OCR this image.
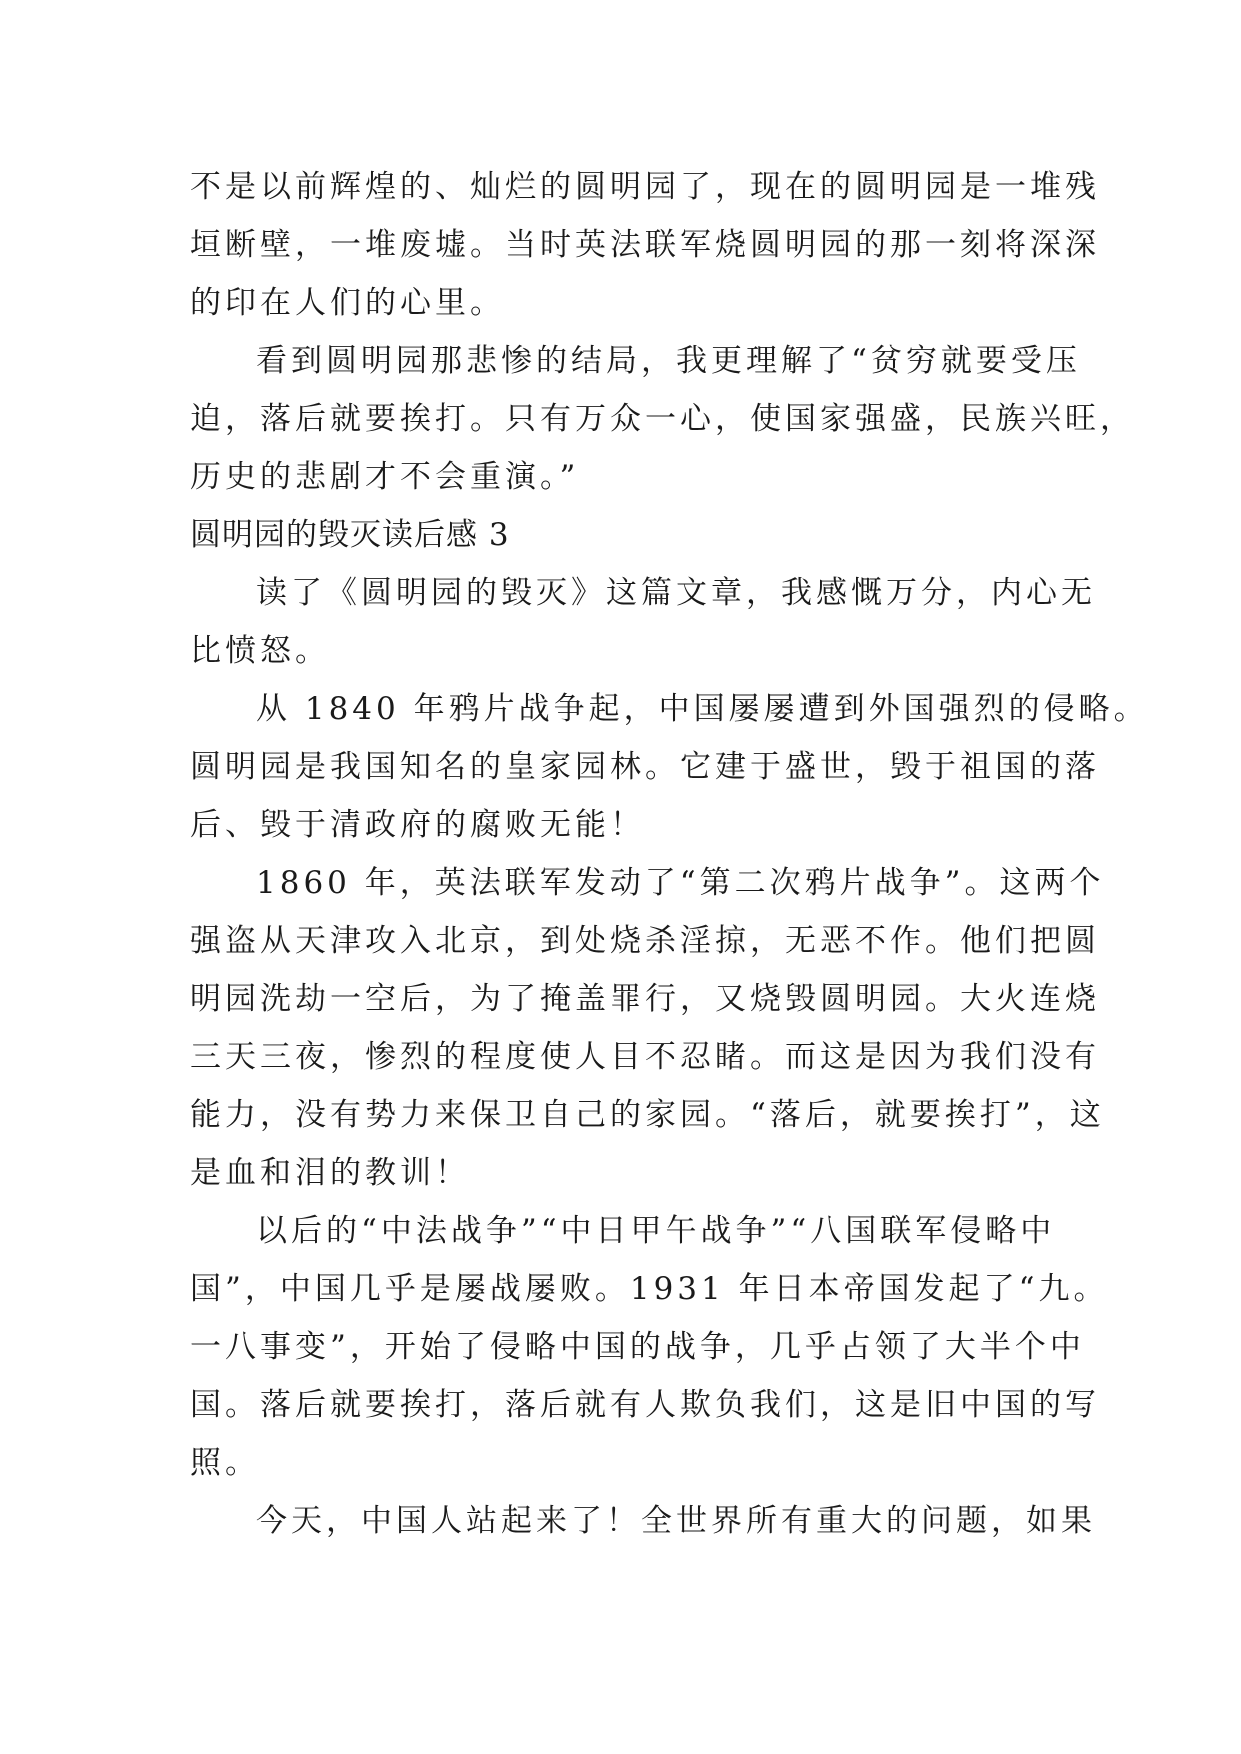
不是以前辉煌的、灿烂的圆明园了，现在的圆明园是一堆残
垣断壁，一堆废墟。当时英法联军烧圆明园的那一刻将深深
的印在人们的心里。
看到圆明园那悲惨的结局，我更理解了“贫穷就要受压
迫，落后就要挨打。只有万众一心，使国家强盛，民族兴旺，
历史的悲剧才不会重演。”
圆明园的毁灭读后感 3
读了《圆明园的毁灭》这篇文章，我感慨万分，内心无
比愤怒。
从 1840 年鸦片战争起，中国屡屡遭到外国强烈的侵略。
圆明园是我国知名的皇家园林。它建于盛世，毁于祖国的落
后、毁于清政府的腐败无能！
1860 年，英法联军发动了“第二次鸦片战争”。这两个
强盗从天津攻入北京，到处烧杀淫掠，无恶不作。他们把圆
明园洗劫一空后，为了掩盖罪行，又烧毁圆明园。大火连烧
三天三夜，惨烈的程度使人目不忍睹。而这是因为我们没有
能力，没有势力来保卫自己的家园。“落后，就要挨打”，这
是血和泪的教训！
以后的“中法战争”“中日甲午战争”“八国联军侵略中
国”，中国几乎是屡战屡败。1931 年日本帝国发起了“九。
一八事变”，开始了侵略中国的战争，几乎占领了大半个中
国。落后就要挨打，落后就有人欺负我们，这是旧中国的写
照。
今天，中国人站起来了！全世界所有重大的问题，如果
